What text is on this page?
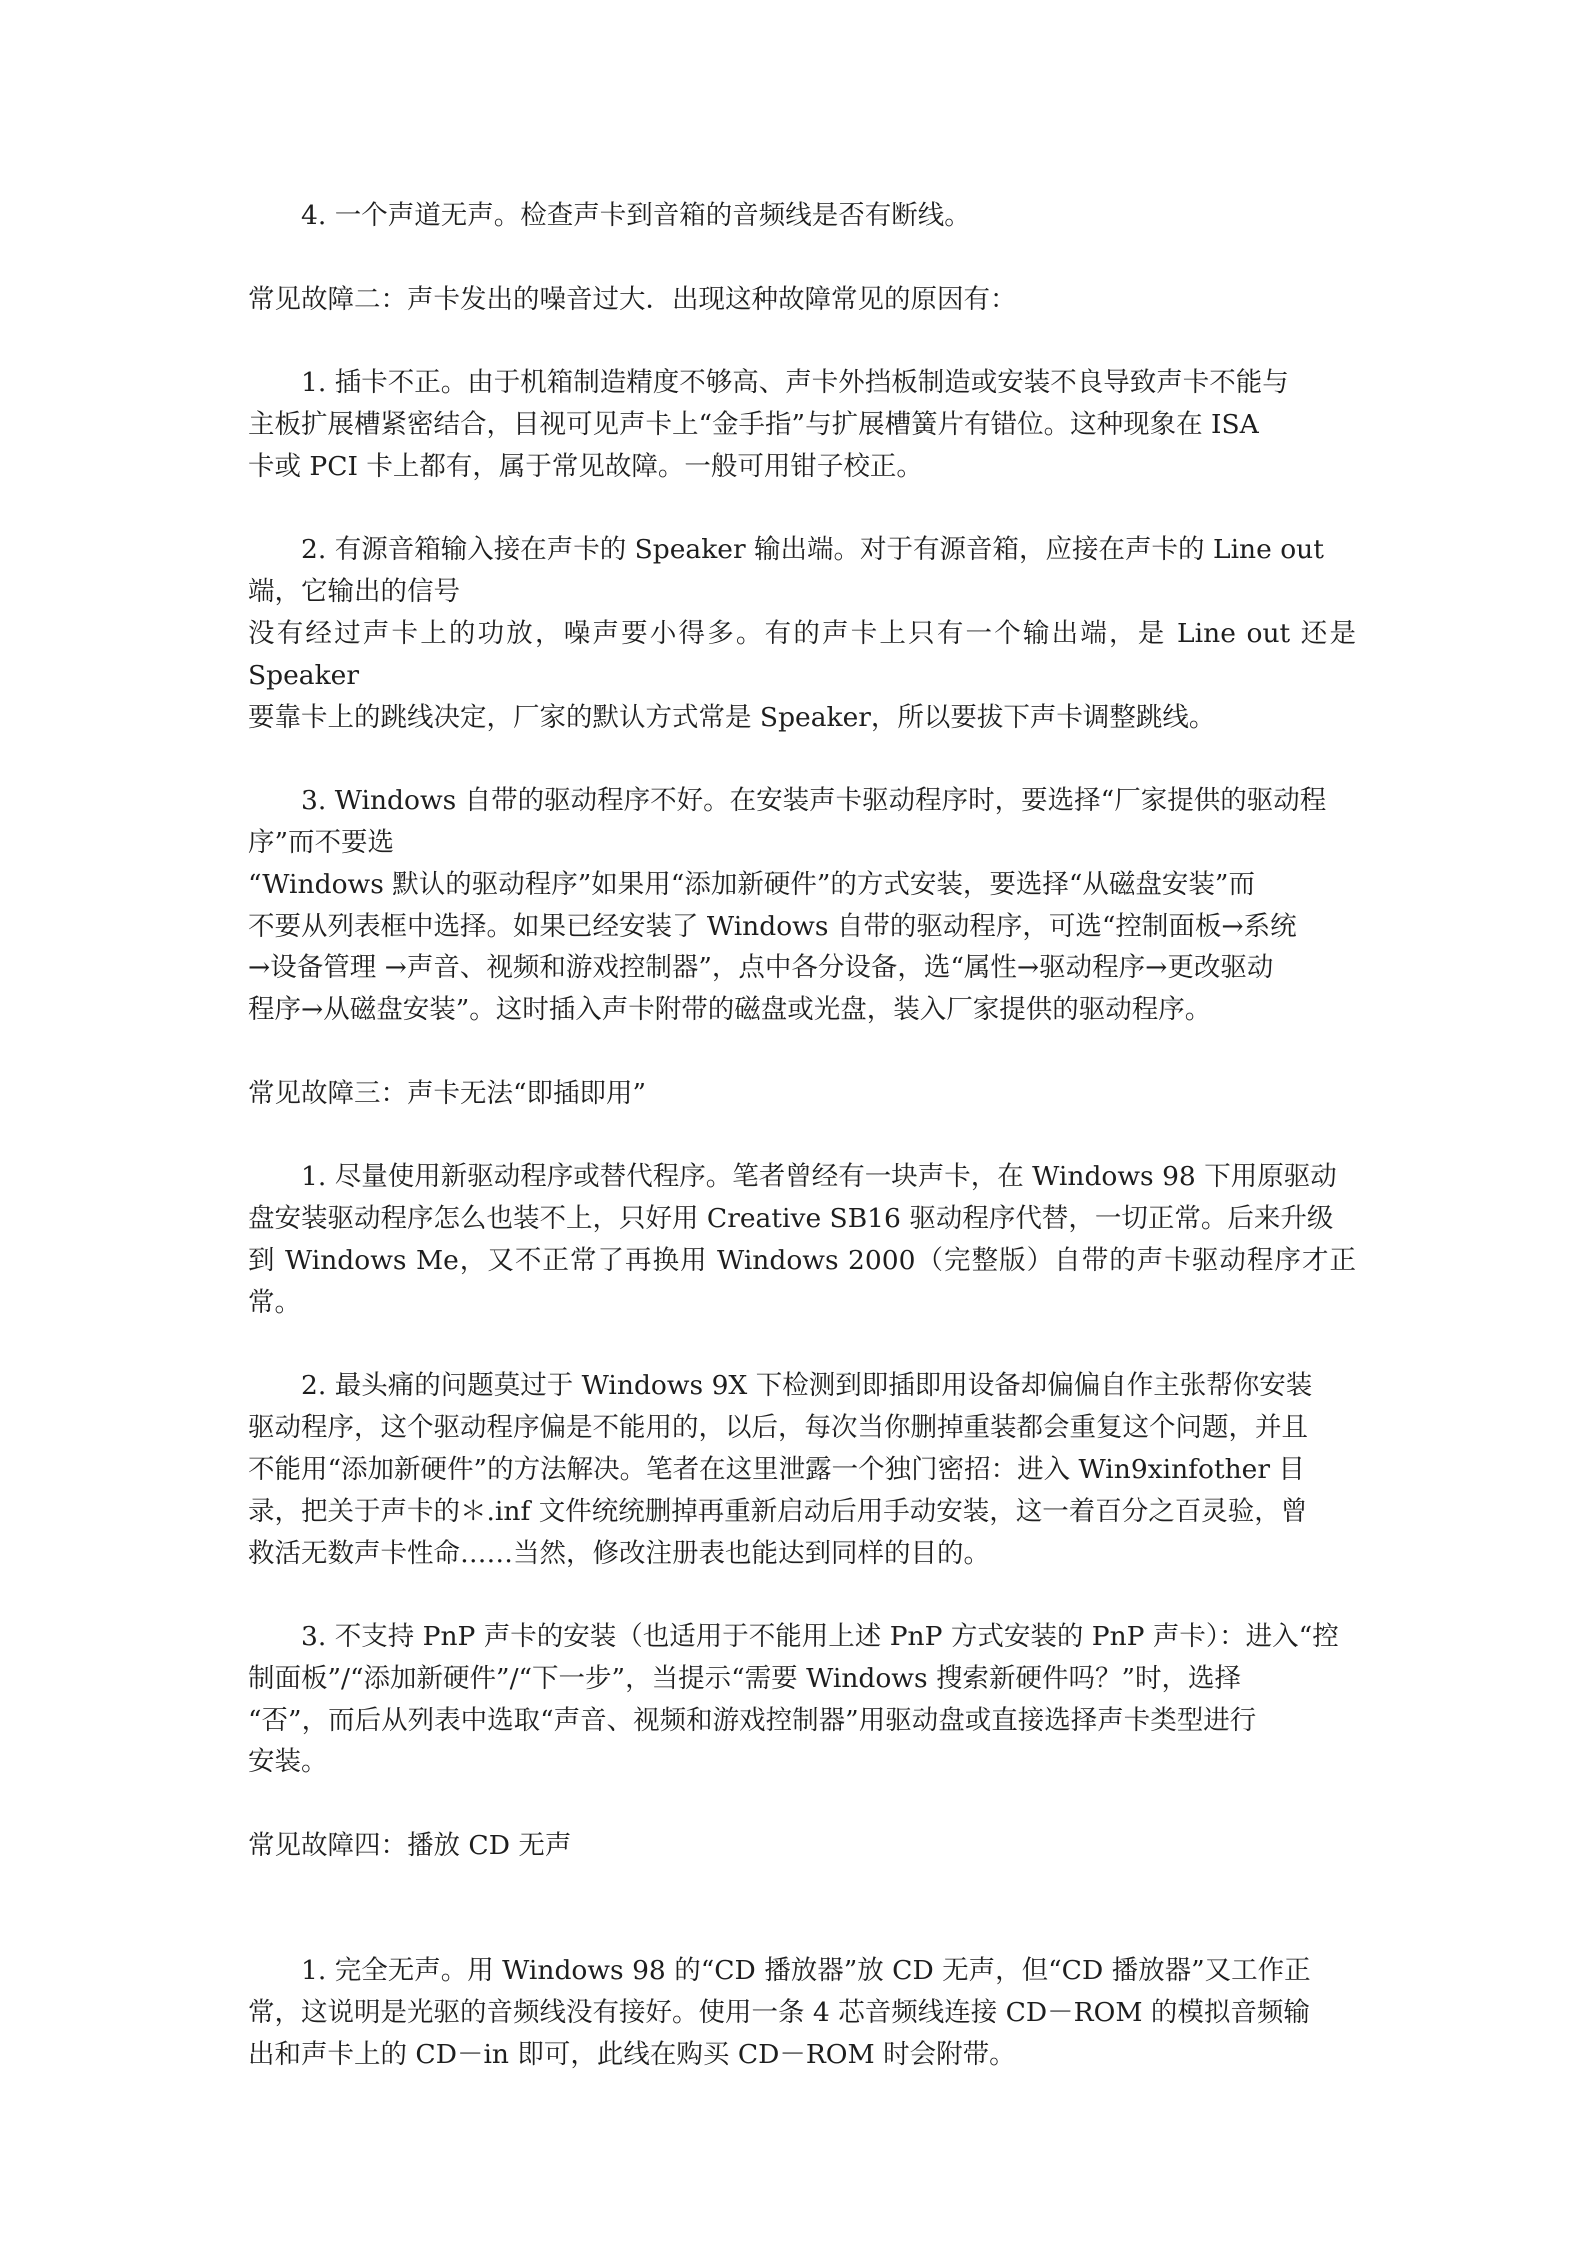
4. 一个声道无声。检查声卡到音箱的音频线是否有断线。
常见故障二：声卡发出的噪音过大．出现这种故障常见的原因有：
1. 插卡不正。由于机箱制造精度不够高、声卡外挡板制造或安装不良导致声卡不能与
主板扩展槽紧密结合，目视可见声卡上“金手指”与扩展槽簧片有错位。这种现象在 ISA
卡或 PCI 卡上都有，属于常见故障。一般可用钳子校正。
2. 有源音箱输入接在声卡的 Speaker 输出端。对于有源音箱，应接在声卡的 Line out
端，它输出的信号
没有经过声卡上的功放，噪声要小得多。有的声卡上只有一个输出端，是 Line out 还是 Speaker
要靠卡上的跳线决定，厂家的默认方式常是 Speaker，所以要拔下声卡调整跳线。
3. Windows 自带的驱动程序不好。在安装声卡驱动程序时，要选择“厂家提供的驱动程
序”而不要选
“Windows 默认的驱动程序”如果用“添加新硬件”的方式安装，要选择“从磁盘安装”而
不要从列表框中选择。如果已经安装了 Windows 自带的驱动程序，可选“控制面板→系统
→设备管理 →声音、视频和游戏控制器”，点中各分设备，选“属性→驱动程序→更改驱动
程序→从磁盘安装”。这时插入声卡附带的磁盘或光盘，装入厂家提供的驱动程序。
常见故障三：声卡无法“即插即用”
1. 尽量使用新驱动程序或替代程序。笔者曾经有一块声卡，在 Windows 98 下用原驱动
盘安装驱动程序怎么也装不上，只好用 Creative SB16 驱动程序代替，一切正常。后来升级
到 Windows Me，又不正常了再换用 Windows 2000（完整版）自带的声卡驱动程序才正常。
2. 最头痛的问题莫过于 Windows 9X 下检测到即插即用设备却偏偏自作主张帮你安装
驱动程序，这个驱动程序偏是不能用的，以后，每次当你删掉重装都会重复这个问题，并且
不能用“添加新硬件”的方法解决。笔者在这里泄露一个独门密招：进入 Win9xinfother 目
录，把关于声卡的＊.inf 文件统统删掉再重新启动后用手动安装，这一着百分之百灵验，曾
救活无数声卡性命……当然，修改注册表也能达到同样的目的。
3. 不支持 PnP 声卡的安装（也适用于不能用上述 PnP 方式安装的 PnP 声卡）：进入“控
制面板”/“添加新硬件”/“下一步”，当提示“需要 Windows 搜索新硬件吗？”时，选择
“否”，而后从列表中选取“声音、视频和游戏控制器”用驱动盘或直接选择声卡类型进行
安装。
常见故障四：播放 CD 无声
1. 完全无声。用 Windows 98 的“CD 播放器”放 CD 无声，但“CD 播放器”又工作正
常，这说明是光驱的音频线没有接好。使用一条 4 芯音频线连接 CD－ROM 的模拟音频输
出和声卡上的 CD－in 即可，此线在购买 CD－ROM 时会附带。
